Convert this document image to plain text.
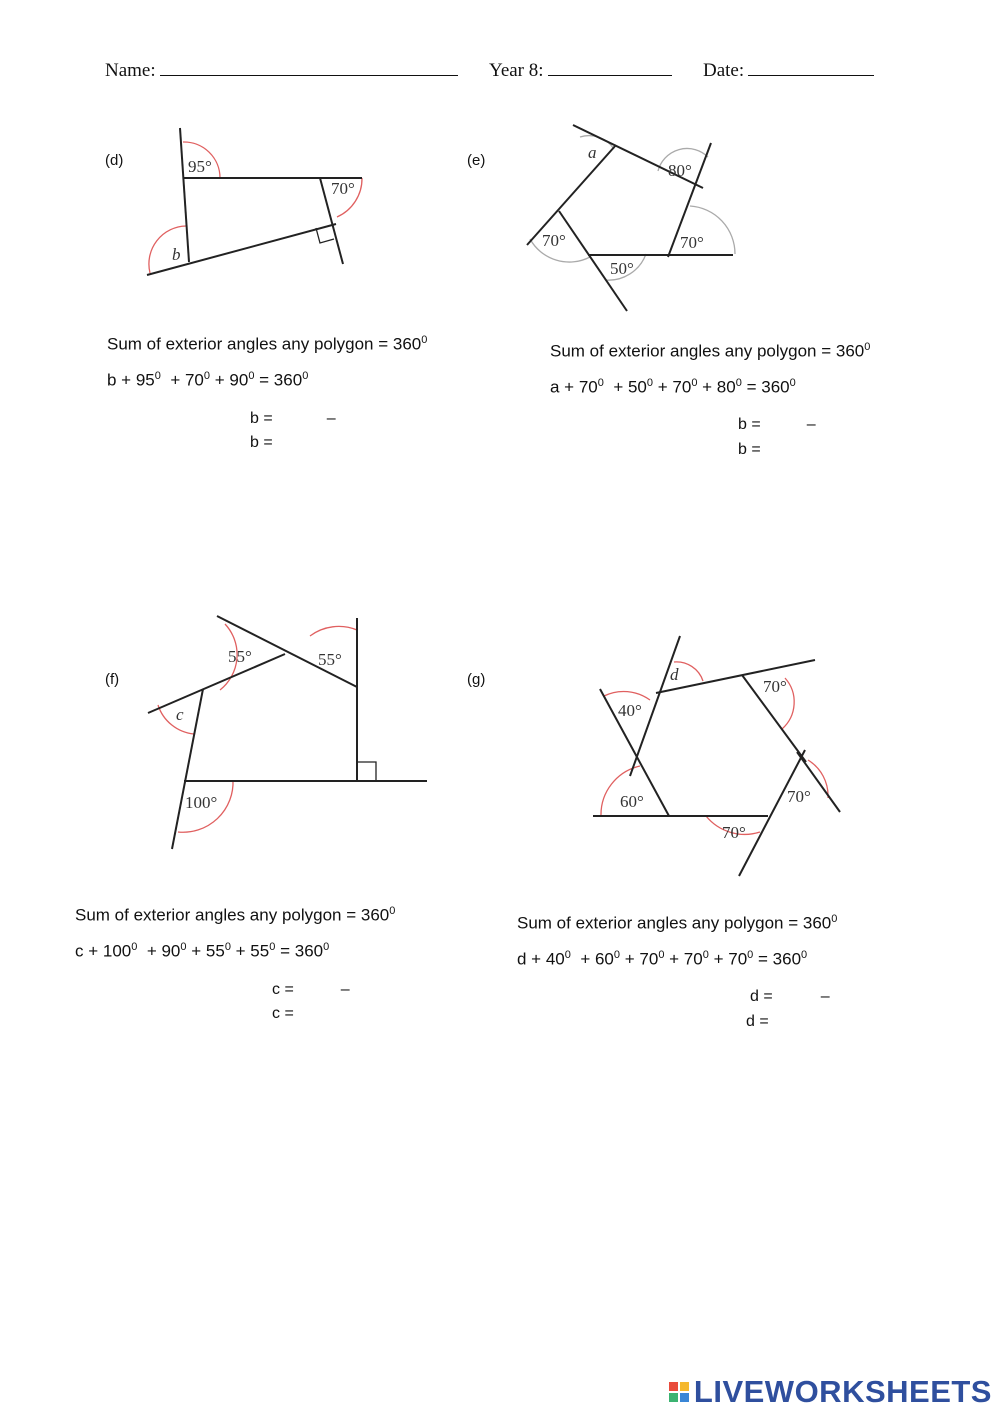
Name:	Year 8:	Date:
(d)	95°
70°
b
Sum of exterior angles any polygon = $360^0$
$b + 95^0 + 70^0 + 90^0 = 360^0$
b =	–
b =
(e)	a
80°
70°
70°
50°
Sum of exterior angles any polygon = $360^0$
$a + 70^0 + 50^0 + 70^0 + 80^0 = 360^0$
b =	–
b =
(f)
55°	55°
c
100°
Sum of exterior angles any polygon = $360^0$
$c + 100^0 + 90^0 + 55^0 + 55^0 = 360^0$
c =	–
c =
(g)	d
70°
40°
60°
70°
70°
Sum of exterior angles any polygon = $360^0$
$d + 40^0 + 60^0 + 70^0 + 70^0 + 70^0 = 360^0$
d =	–
d =
LIVEWORKSHEETS
